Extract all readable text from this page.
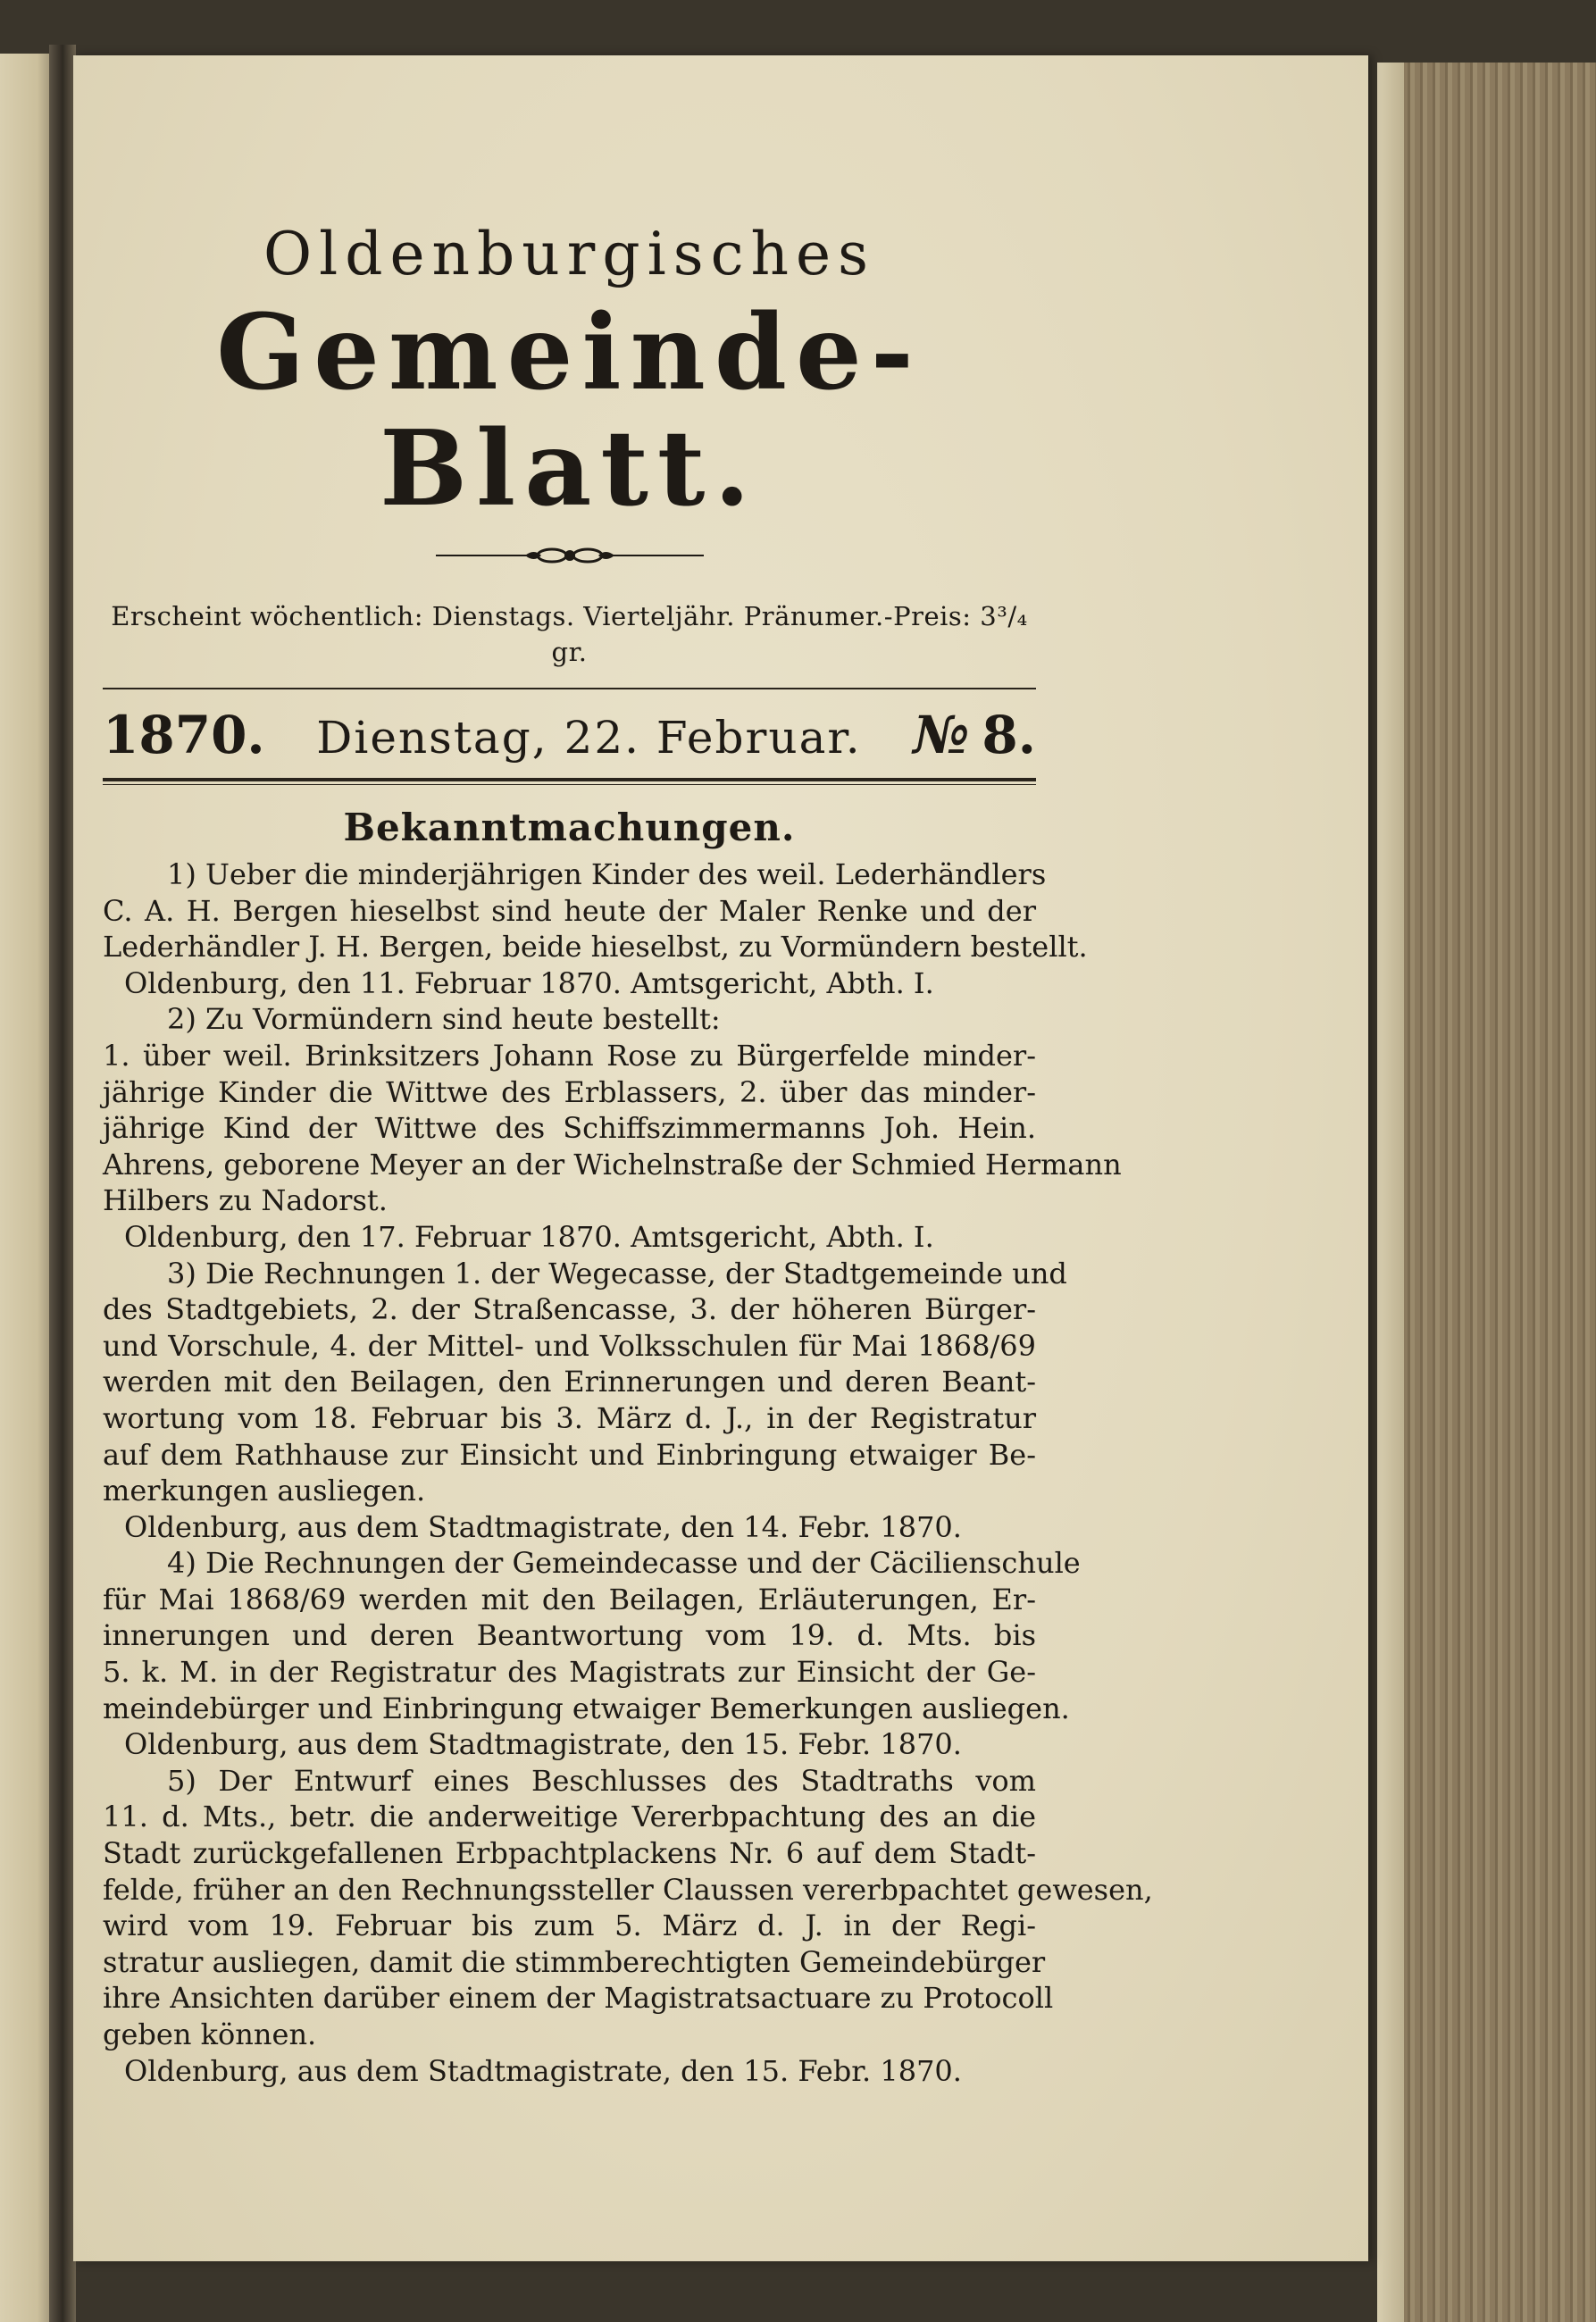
Oldenburgisches
Gemeinde-Blatt.

Erscheint wöchentlich: Dienstags. Vierteljähr. Pränumer.-Preis: 3³/₄ gr.

1870. Dienstag, 22. Februar. № 8.
Bekanntmachungen.
1) Ueber die minderjährigen Kinder des weil. Lederhändlers
C. A. H. Bergen hieselbst sind heute der Maler Renke und der
Lederhändler J. H. Bergen, beide hieselbst, zu Vormündern bestellt.
Oldenburg, den 11. Februar 1870. Amtsgericht, Abth. I.
2) Zu Vormündern sind heute bestellt:
1. über weil. Brinksitzers Johann Rose zu Bürgerfelde minder-
jährige Kinder die Wittwe des Erblassers, 2. über das minder-
jährige Kind der Wittwe des Schiffszimmermanns Joh. Hein.
Ahrens, geborene Meyer an der Wichelnstraße der Schmied Hermann
Hilbers zu Nadorst.
Oldenburg, den 17. Februar 1870. Amtsgericht, Abth. I.
3) Die Rechnungen 1. der Wegecasse, der Stadtgemeinde und
des Stadtgebiets, 2. der Straßencasse, 3. der höheren Bürger-
und Vorschule, 4. der Mittel- und Volksschulen für Mai 1868/69
werden mit den Beilagen, den Erinnerungen und deren Beant-
wortung vom 18. Februar bis 3. März d. J., in der Registratur
auf dem Rathhause zur Einsicht und Einbringung etwaiger Be-
merkungen ausliegen.
Oldenburg, aus dem Stadtmagistrate, den 14. Febr. 1870.
4) Die Rechnungen der Gemeindecasse und der Cäcilienschule
für Mai 1868/69 werden mit den Beilagen, Erläuterungen, Er-
innerungen und deren Beantwortung vom 19. d. Mts. bis
5. k. M. in der Registratur des Magistrats zur Einsicht der Ge-
meindebürger und Einbringung etwaiger Bemerkungen ausliegen.
Oldenburg, aus dem Stadtmagistrate, den 15. Febr. 1870.
5) Der Entwurf eines Beschlusses des Stadtraths vom
11. d. Mts., betr. die anderweitige Vererbpachtung des an die
Stadt zurückgefallenen Erbpachtplackens Nr. 6 auf dem Stadt-
felde, früher an den Rechnungssteller Claussen vererbpachtet gewesen,
wird vom 19. Februar bis zum 5. März d. J. in der Regi-
stratur ausliegen, damit die stimmberechtigten Gemeindebürger
ihre Ansichten darüber einem der Magistratsactuare zu Protocoll
geben können.
Oldenburg, aus dem Stadtmagistrate, den 15. Febr. 1870.
